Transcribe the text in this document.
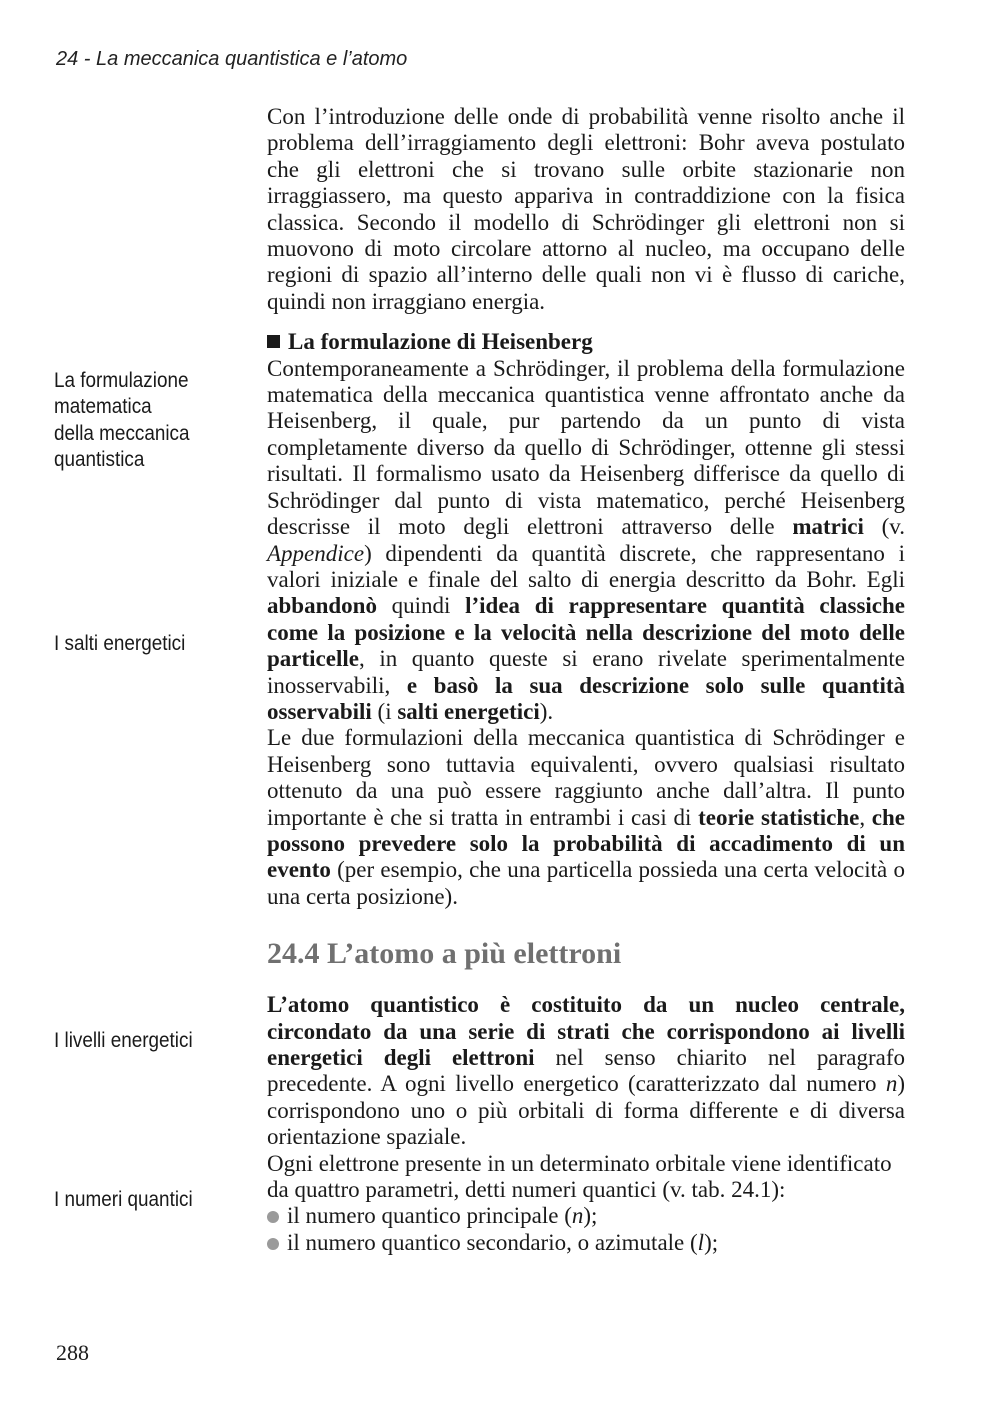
24 - La meccanica quantistica e l’atomo
La formulazione
matematica
della meccanica
quantistica
I salti energetici
I livelli energetici
I numeri quantici

Con l’introduzione delle onde di probabilità venne risolto anche il problema dell’irraggiamento degli elettroni: Bohr aveva postulato che gli elettroni che si trovano sulle orbite stazionarie non irraggiassero, ma questo appariva in contraddizione con la fisica classica. Secondo il modello di Schrödinger gli elettroni non si muovono di moto circolare attorno al nucleo, ma occupano delle regioni di spazio all’interno delle quali non vi è flusso di cariche, quindi non irraggiano energia.

La formulazione di Heisenberg

Contemporaneamente a Schrödinger, il problema della formulazione matematica della meccanica quantistica venne affrontato anche da Heisenberg, il quale, pur partendo da un punto di vista completamente diverso da quello di Schrödinger, ottenne gli stessi risultati. Il formalismo usato da Heisenberg differisce da quello di Schrödinger dal punto di vista matematico, perché Heisenberg descrisse il moto degli elettroni attraverso delle matrici (v. Appendice) dipendenti da quantità discrete, che rappresentano i valori iniziale e finale del salto di energia descritto da Bohr. Egli abbandonò quindi l’idea di rappresentare quantità classiche come la posizione e la velocità nella descrizione del moto delle particelle, in quanto queste si erano rivelate sperimentalmente inosservabili, e basò la sua descrizione solo sulle quantità osservabili (i salti energetici).

Le due formulazioni della meccanica quantistica di Schrödinger e Heisenberg sono tuttavia equivalenti, ovvero qualsiasi risultato ottenuto da una può essere raggiunto anche dall’altra. Il punto importante è che si tratta in entrambi i casi di teorie statistiche, che possono prevedere solo la probabilità di accadimento di un evento (per esempio, che una particella possieda una certa velocità o una certa posizione).

24.4 L’atomo a più elettroni

L’atomo quantistico è costituito da un nucleo centrale, circondato da una serie di strati che corrispondono ai livelli energetici degli elettroni nel senso chiarito nel paragrafo precedente. A ogni livello energetico (caratterizzato dal numero n) corrispondono uno o più orbitali di forma differente e di diversa orientazione spaziale.

Ogni elettrone presente in un determinato orbitale viene identificato da quattro parametri, detti numeri quantici (v. tab. 24.1):

il numero quantico principale (n);
il numero quantico secondario, o azimutale (l);
288
